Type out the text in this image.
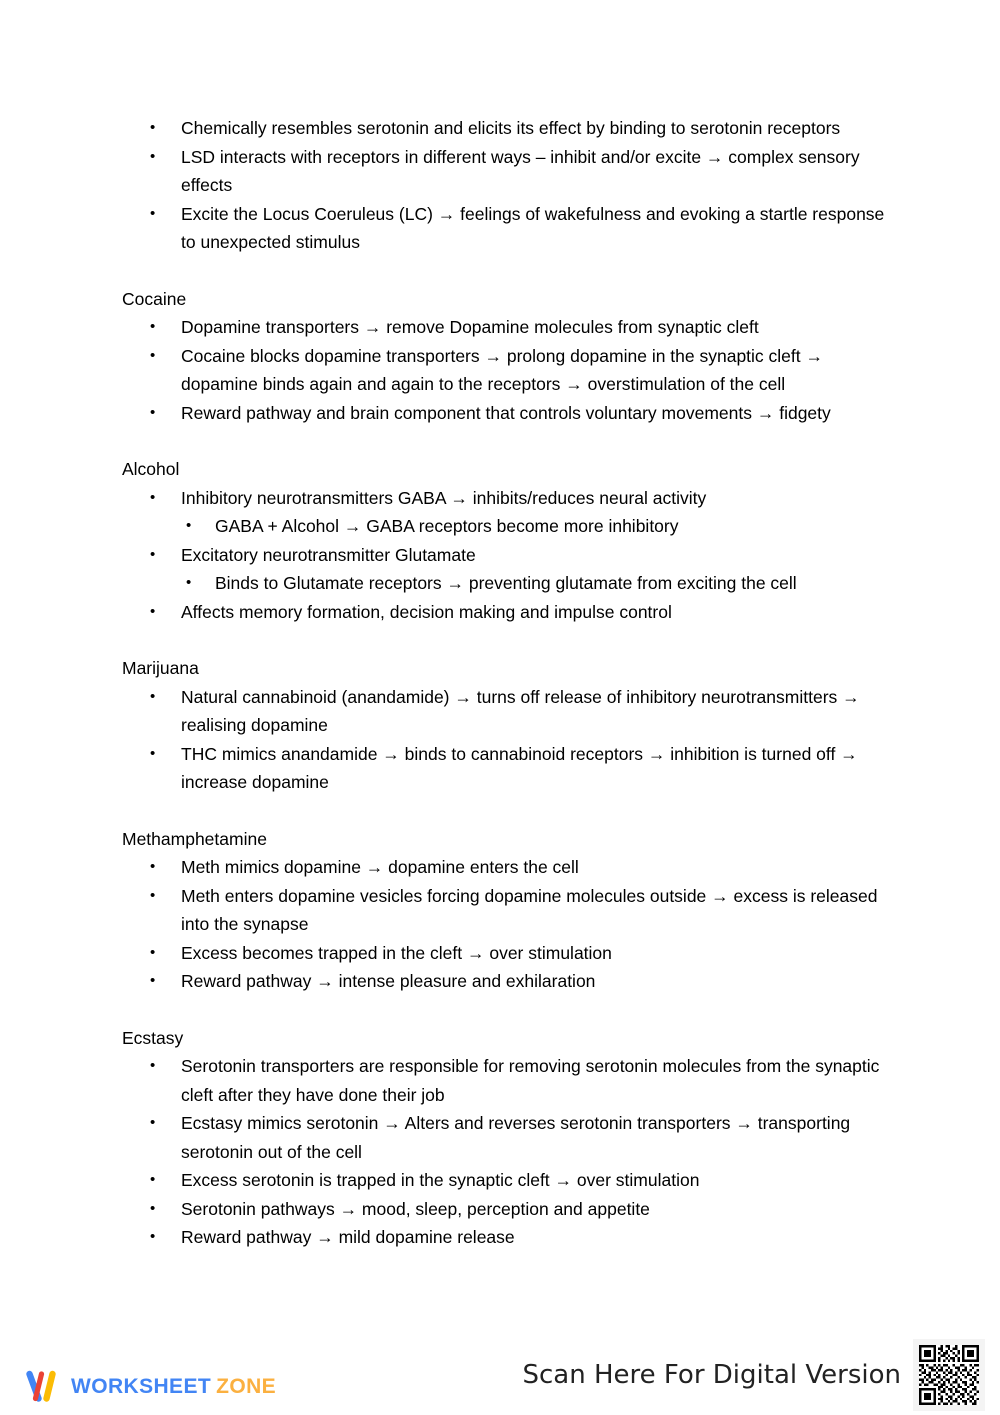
• Chemically resembles serotonin and elicits its effect by binding to serotonin receptors
• LSD interacts with receptors in different ways – inhibit and/or excite → complex sensory effects
• Excite the Locus Coeruleus (LC) → feelings of wakefulness and evoking a startle response to unexpected stimulus
Cocaine
• Dopamine transporters → remove Dopamine molecules from synaptic cleft
• Cocaine blocks dopamine transporters → prolong dopamine in the synaptic cleft → dopamine binds again and again to the receptors → overstimulation of the cell
• Reward pathway and brain component that controls voluntary movements → fidgety
Alcohol
• Inhibitory neurotransmitters GABA → inhibits/reduces neural activity
• GABA + Alcohol → GABA receptors become more inhibitory
• Excitatory neurotransmitter Glutamate
• Binds to Glutamate receptors → preventing glutamate from exciting the cell
• Affects memory formation, decision making and impulse control
Marijuana
• Natural cannabinoid (anandamide) → turns off release of inhibitory neurotransmitters → realising dopamine
• THC mimics anandamide → binds to cannabinoid receptors → inhibition is turned off → increase dopamine
Methamphetamine
• Meth mimics dopamine → dopamine enters the cell
• Meth enters dopamine vesicles forcing dopamine molecules outside → excess is released into the synapse
• Excess becomes trapped in the cleft → over stimulation
• Reward pathway → intense pleasure and exhilaration
Ecstasy
• Serotonin transporters are responsible for removing serotonin molecules from the synaptic cleft after they have done their job
• Ecstasy mimics serotonin → Alters and reverses serotonin transporters → transporting serotonin out of the cell
• Excess serotonin is trapped in the synaptic cleft → over stimulation
• Serotonin pathways → mood, sleep, perception and appetite
• Reward pathway → mild dopamine release
WORKSHEET ZONE	Scan Here For Digital Version
